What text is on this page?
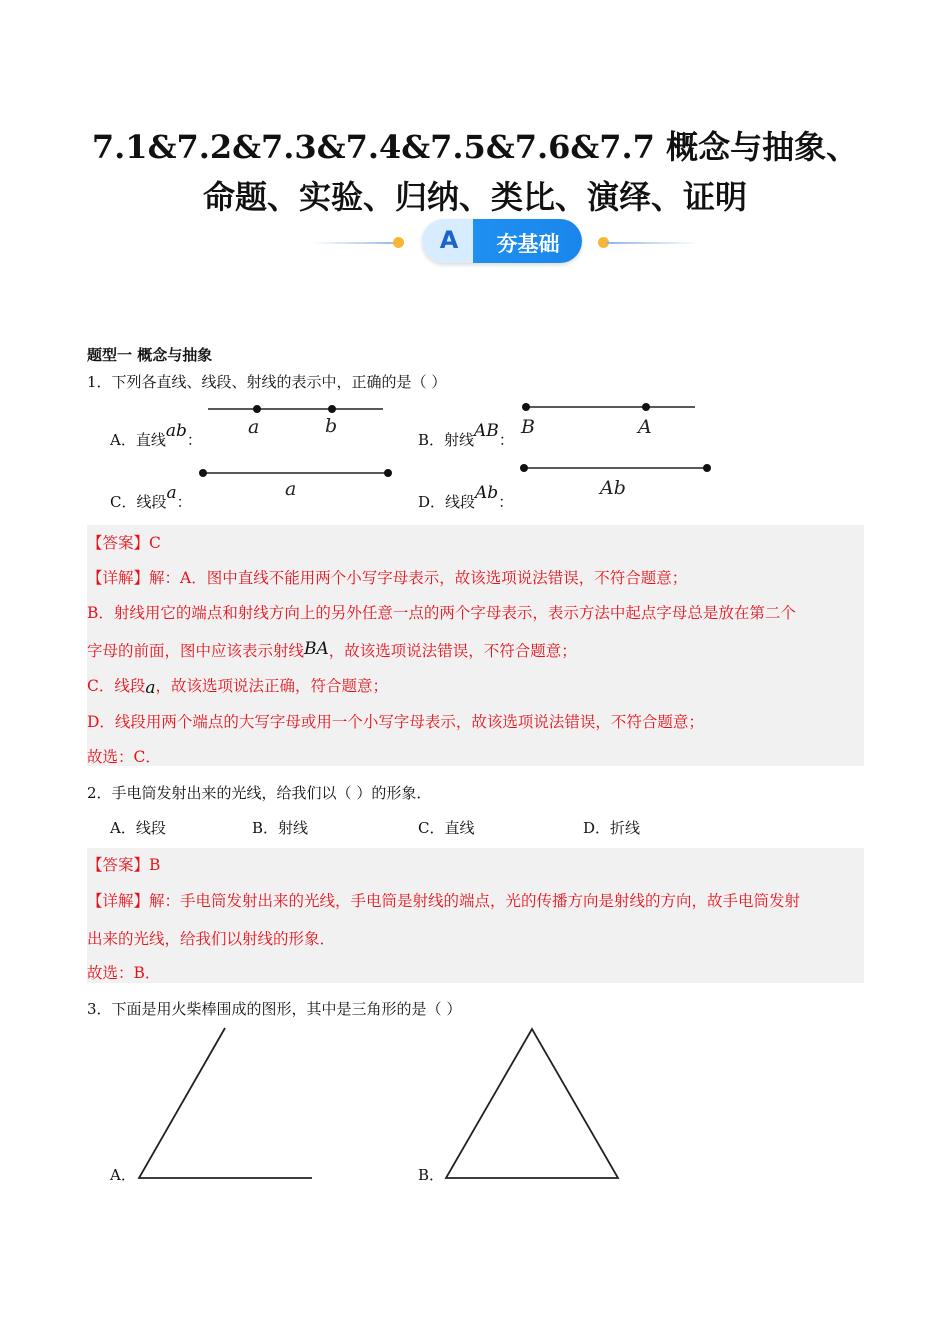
7.1&7.2&7.3&7.4&7.5&7.6&7.7 概念与抽象、
命题、实验、归纳、类比、演绎、证明
A	夯基础
题型一 概念与抽象
1．下列各直线、线段、射线的表示中，正确的是（ ）
A．直线ab：
a	b
B．射线AB：
B	A
C．线段a：
a
D．线段Ab：
Ab
【答案】C
【详解】解：A．图中直线不能用两个小写字母表示，故该选项说法错误，不符合题意；
B．射线用它的端点和射线方向上的另外任意一点的两个字母表示，表示方法中起点字母总是放在第二个
字母的前面，图中应该表示射线BA，故该选项说法错误，不符合题意；
C．线段a，故该选项说法正确，符合题意；
D．线段用两个端点的大写字母或用一个小写字母表示，故该选项说法错误，不符合题意；
故选：C．
2．手电筒发射出来的光线，给我们以（ ）的形象．
A．线段	B．射线	C．直线	D．折线
【答案】B
【详解】解：手电筒发射出来的光线，手电筒是射线的端点，光的传播方向是射线的方向，故手电筒发射
出来的光线，给我们以射线的形象．
故选：B．
3．下面是用火柴棒围成的图形，其中是三角形的是（ ）
A．	B．
